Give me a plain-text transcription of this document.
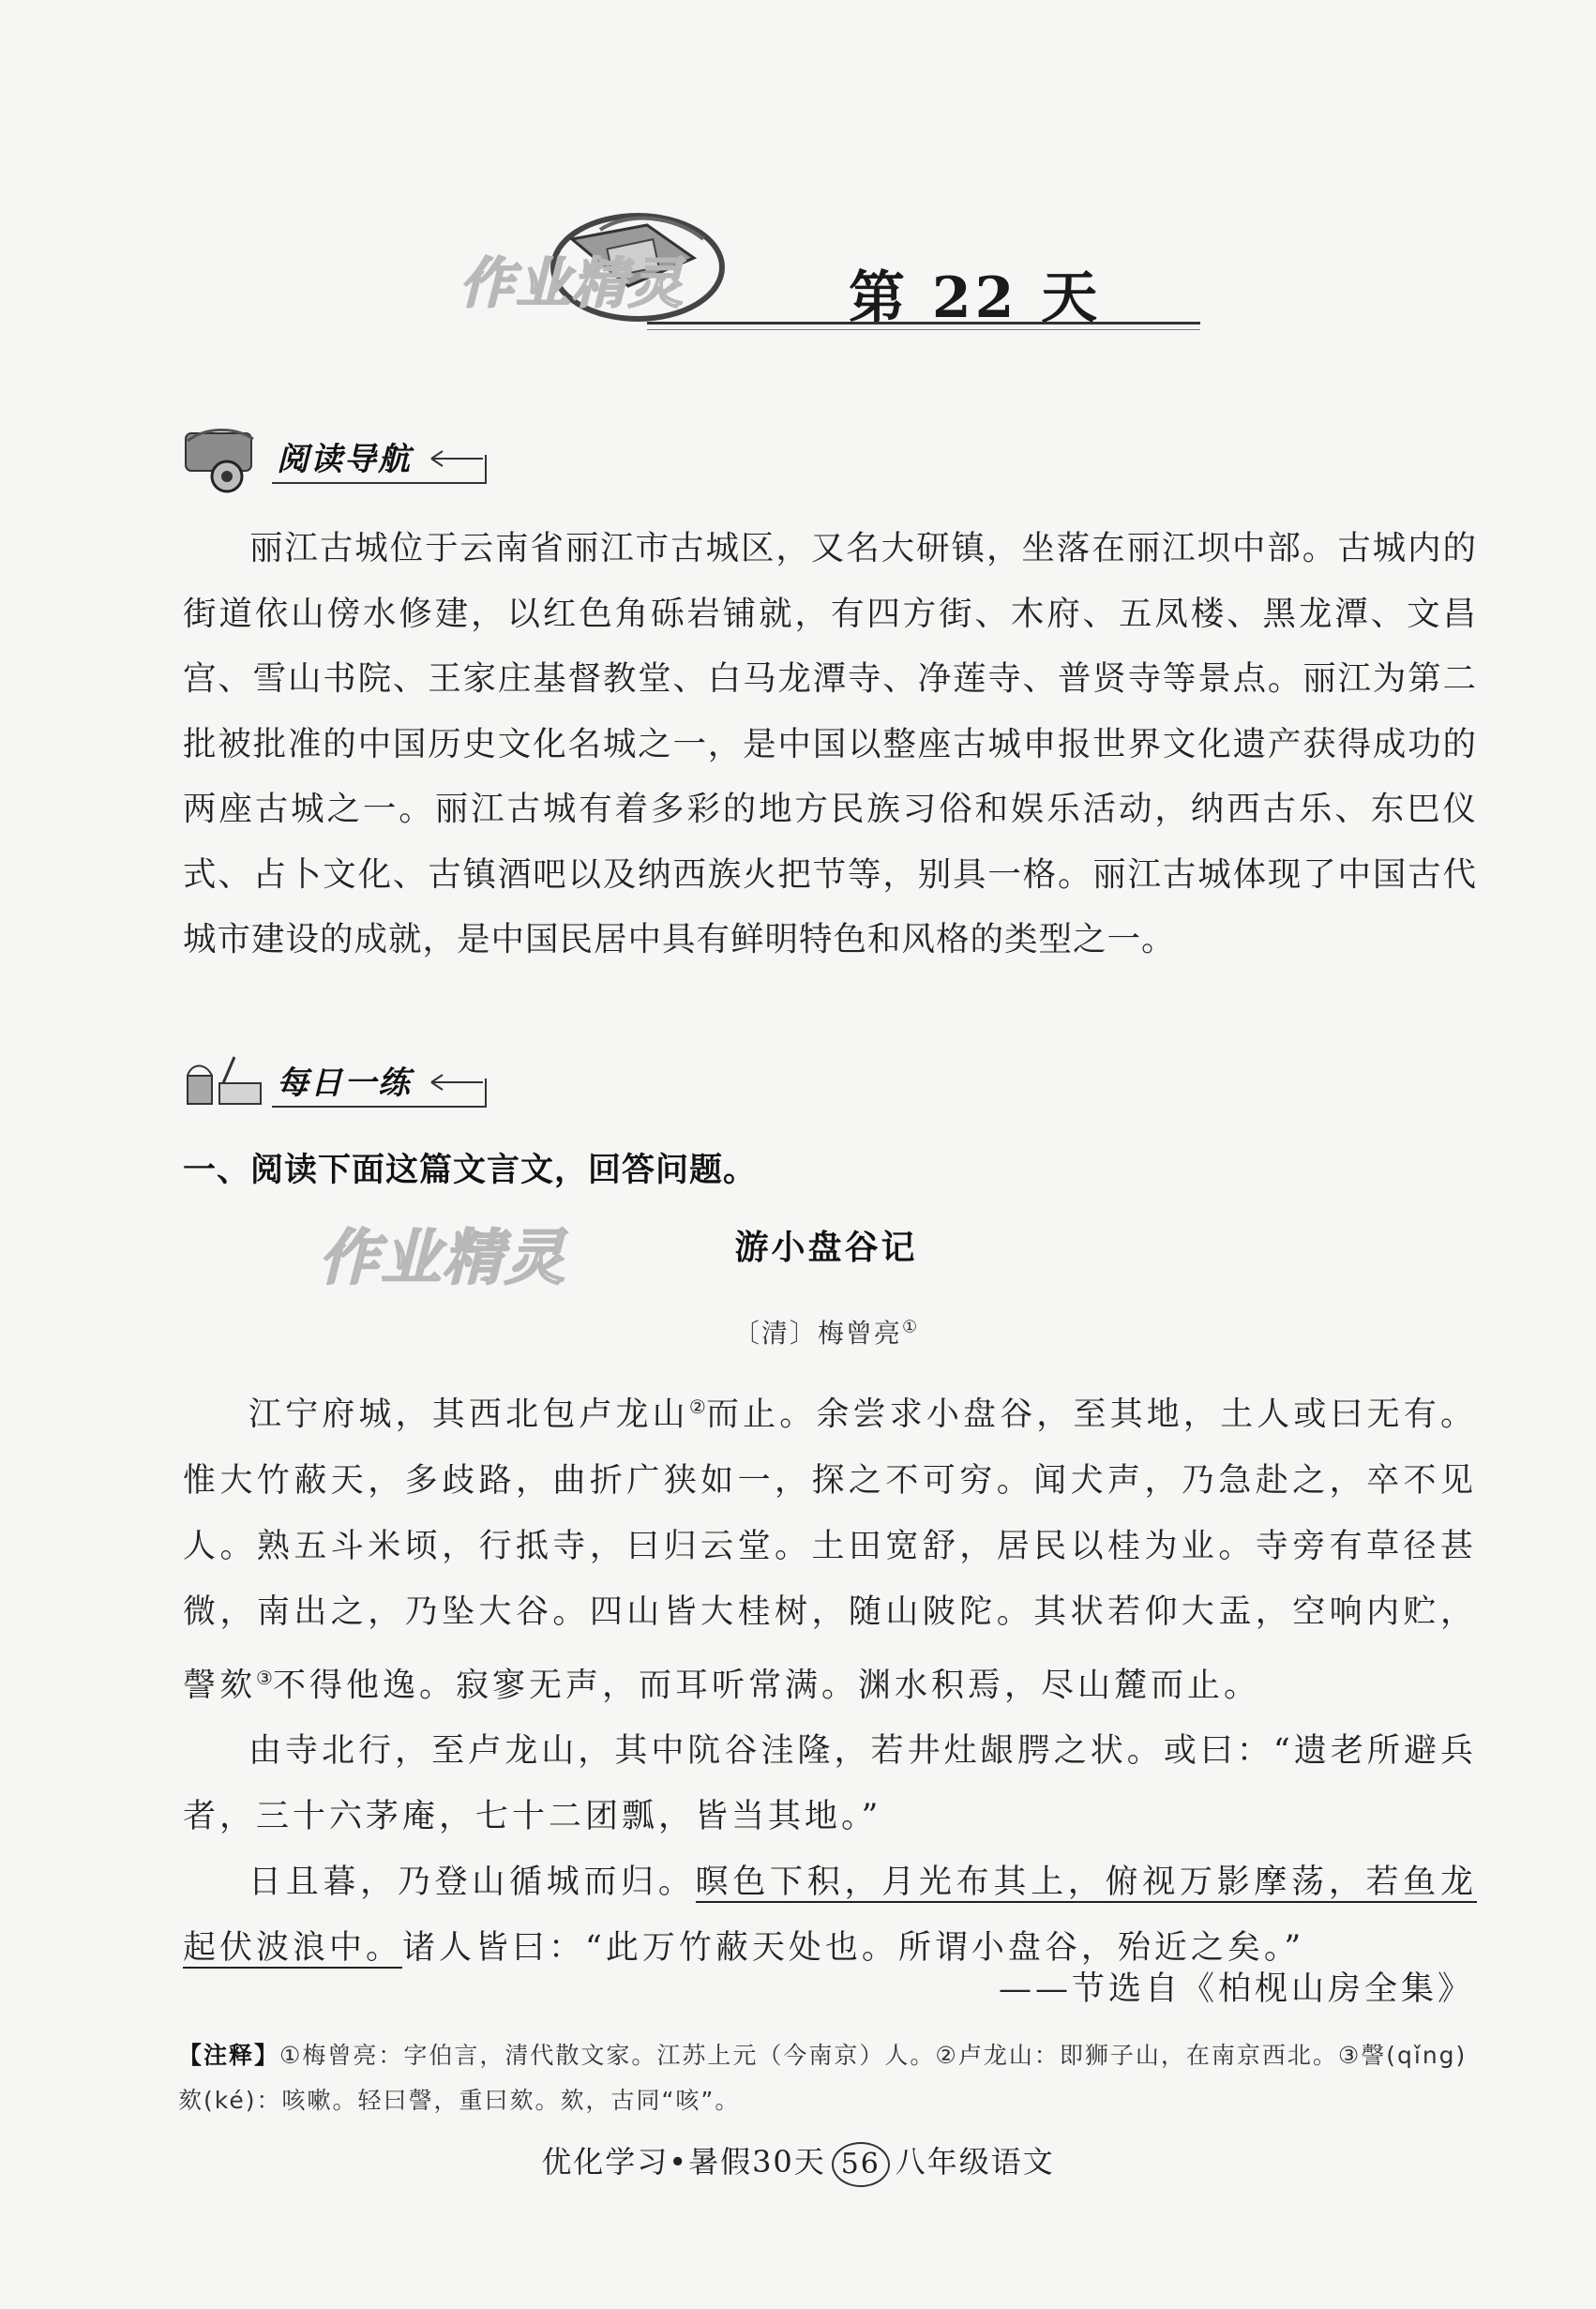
作业精灵	第 22 天
阅读导航

丽江古城位于云南省丽江市古城区，又名大研镇，坐落在丽江坝中部。古城内的街道依山傍水修建，以红色角砾岩铺就，有四方街、木府、五凤楼、黑龙潭、文昌宫、雪山书院、王家庄基督教堂、白马龙潭寺、净莲寺、普贤寺等景点。丽江为第二批被批准的中国历史文化名城之一，是中国以整座古城申报世界文化遗产获得成功的两座古城之一。丽江古城有着多彩的地方民族习俗和娱乐活动，纳西古乐、东巴仪式、占卜文化、古镇酒吧以及纳西族火把节等，别具一格。丽江古城体现了中国古代城市建设的成就，是中国民居中具有鲜明特色和风格的类型之一。

每日一练
一、阅读下面这篇文言文，回答问题。
作业精灵	游小盘谷记
〔清〕梅曾亮①

江宁府城，其西北包卢龙山②而止。余尝求小盘谷，至其地，土人或曰无有。惟大竹蔽天，多歧路，曲折广狭如一，探之不可穷。闻犬声，乃急赴之，卒不见人。熟五斗米顷，行抵寺，曰归云堂。土田宽舒，居民以桂为业。寺旁有草径甚微，南出之，乃坠大谷。四山皆大桂树，随山陂陀。其状若仰大盂，空响内贮，謦欬③不得他逸。寂寥无声，而耳听常满。渊水积焉，尽山麓而止。

由寺北行，至卢龙山，其中阬谷洼隆，若井灶龈腭之状。或曰：“遗老所避兵者，三十六茅庵，七十二团瓢，皆当其地。”

日且暮，乃登山循城而归。暝色下积，月光布其上，俯视万影摩荡，若鱼龙起伏波浪中。诸人皆曰：“此万竹蔽天处也。所谓小盘谷，殆近之矣。”

——节选自《柏枧山房全集》
【注释】①梅曾亮：字伯言，清代散文家。江苏上元（今南京）人。②卢龙山：即狮子山，在南京西北。③謦(qǐng)欬(ké)：咳嗽。轻曰謦，重曰欬。欬，古同“咳”。
优化学习•暑假30天 56 八年级语文
